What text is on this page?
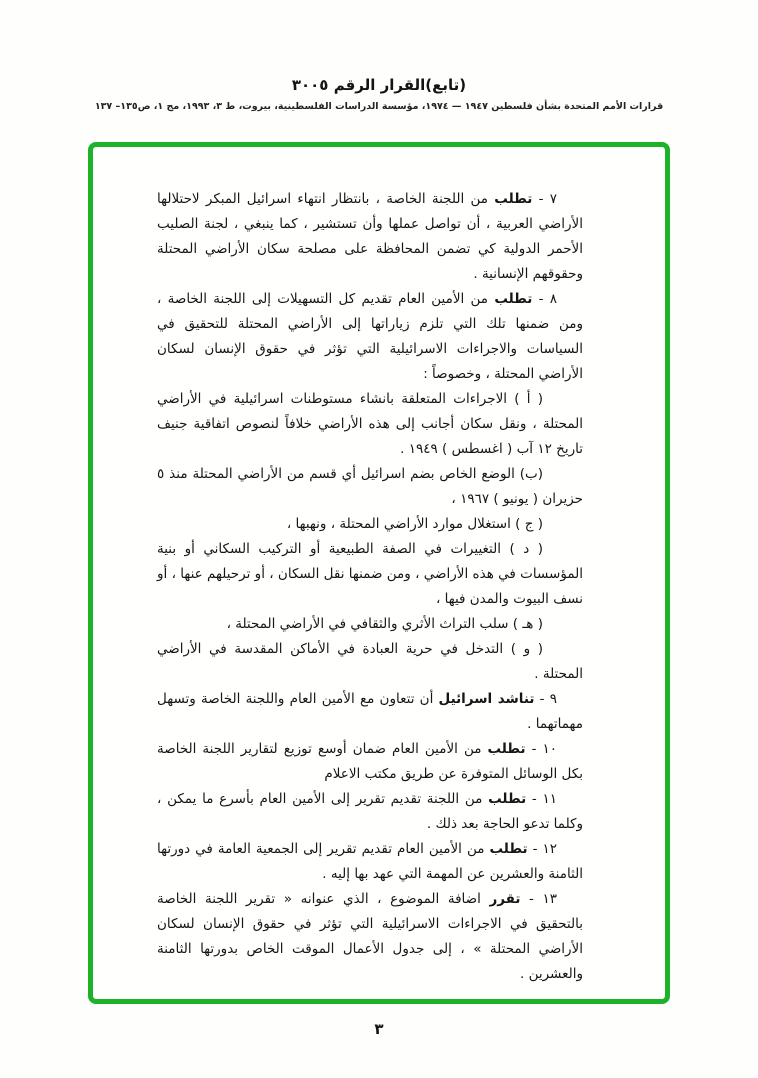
(تابع)القرار الرقم ٣٠٠٥
قرارات الأمم المتحدة بشأن فلسطين ١٩٤٧ — ١٩٧٤، مؤسسة الدراسات الفلسطينية، بيروت، ط ٣، ١٩٩٣، مج ١، ص١٣٥– ١٣٧

٧ - تطلب من اللجنة الخاصة ، بانتظار انتهاء اسرائيل المبكر لاحتلالها الأراضي العربية ، أن تواصل عملها وأن تستشير ، كما ينبغي ، لجنة الصليب الأحمر الدولية كي تضمن المحافظة على مصلحة سكان الأراضي المحتلة وحقوقهم الإنسانية .

٨ - تطلب من الأمين العام تقديم كل التسهيلات إلى اللجنة الخاصة ، ومن ضمنها تلك التي تلزم زياراتها إلى الأراضي المحتلة للتحقيق في السياسات والاجراءات الاسرائيلية التي تؤثر في حقوق الإنسان لسكان الأراضي المحتلة ، وخصوصاً :

( أ ) الاجراءات المتعلقة بانشاء مستوطنات اسرائيلية في الأراضي المحتلة ، ونقل سكان أجانب إلى هذه الأراضي خلافاً لنصوص اتفاقية جنيف تاريخ ١٢ آب ( اغسطس ) ١٩٤٩ .

(ب) الوضع الخاص بضم اسرائيل أي قسم من الأراضي المحتلة منذ ٥ حزيران ( يونيو ) ١٩٦٧ ،

( ج ) استغلال موارد الأراضي المحتلة ، ونهبها ،

( د ) التغييرات في الصفة الطبيعية أو التركيب السكاني أو بنية المؤسسات في هذه الأراضي ، ومن ضمنها نقل السكان ، أو ترحيلهم عنها ، أو نسف البيوت والمدن فيها ،

( هـ ) سلب التراث الأثري والثقافي في الأراضي المحتلة ،

( و ) التدخل في حرية العبادة في الأماكن المقدسة في الأراضي المحتلة .

٩ - تناشد اسرائيل أن تتعاون مع الأمين العام واللجنة الخاصة وتسهل مهماتهما .

١٠ - تطلب من الأمين العام ضمان أوسع توزيع لتقارير اللجنة الخاصة بكل الوسائل المتوفرة عن طريق مكتب الاعلام

١١ - تطلب من اللجنة تقديم تقرير إلى الأمين العام بأسرع ما يمكن ، وكلما تدعو الحاجة بعد ذلك .

١٢ - تطلب من الأمين العام تقديم تقرير إلى الجمعية العامة في دورتها الثامنة والعشرين عن المهمة التي عهد بها إليه .

١٣ - تقرر اضافة الموضوع ، الذي عنوانه « تقرير اللجنة الخاصة بالتحقيق في الاجراءات الاسرائيلية التي تؤثر في حقوق الإنسان لسكان الأراضي المحتلة » ، إلى جدول الأعمال الموقت الخاص بدورتها الثامنة والعشرين .

٣
